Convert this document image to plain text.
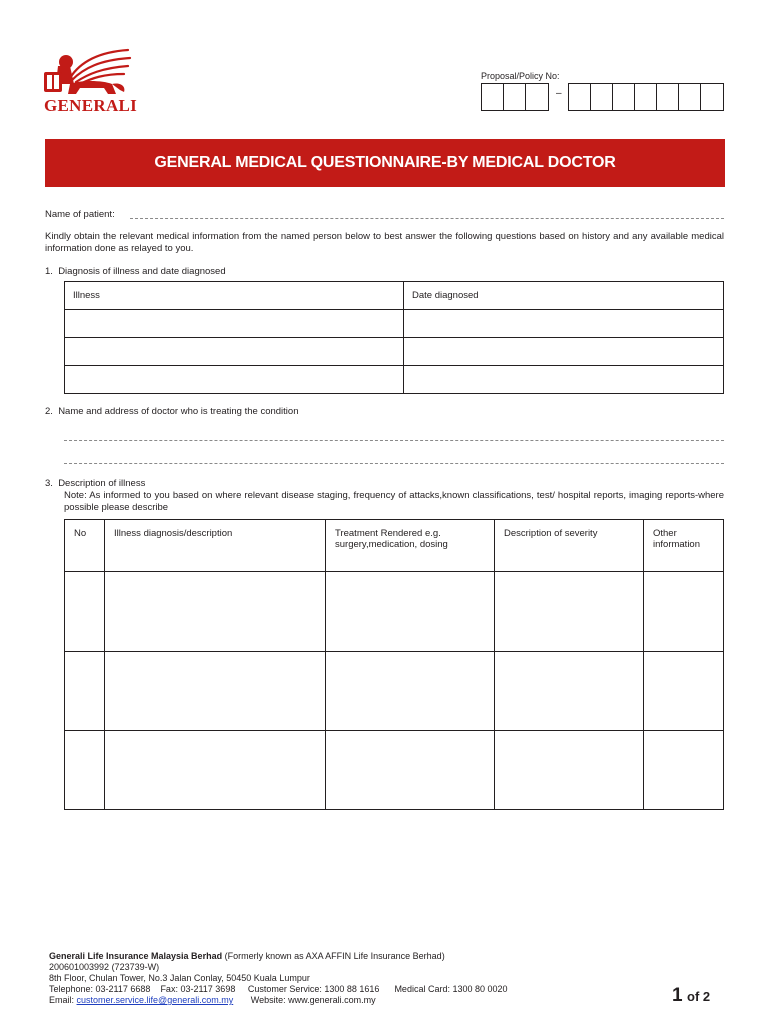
GENERALI
Proposal/Policy No:
–
GENERAL MEDICAL QUESTIONNAIRE-BY MEDICAL DOCTOR
Name of patient:
Kindly obtain the relevant medical information from the named person below to best answer the following questions based on history and any available medical information done as relayed to you.
1.  Diagnosis of illness and date diagnosed
Illness	Date diagnosed

2.  Name and address of doctor who is treating the condition
3.  Description of illness
Note: As informed to you based on where relevant disease staging, frequency of attacks,known classifications, test/ hospital reports, imaging reports-where possible please describe
No	Illness diagnosis/description	Treatment Rendered e.g. surgery,medication, dosing	Description of severity	Other information

Generali Life Insurance Malaysia Berhad (Formerly known as AXA AFFIN Life Insurance Berhad)
200601003992 (723739-W)
8th Floor, Chulan Tower, No.3 Jalan Conlay, 50450 Kuala Lumpur
Telephone: 03-2117 6688 Fax: 03-2117 3698 Customer Service: 1300 88 1616 Medical Card: 1300 80 0020
Email: customer.service.life@generali.com.my Website: www.generali.com.my	1 of 2
